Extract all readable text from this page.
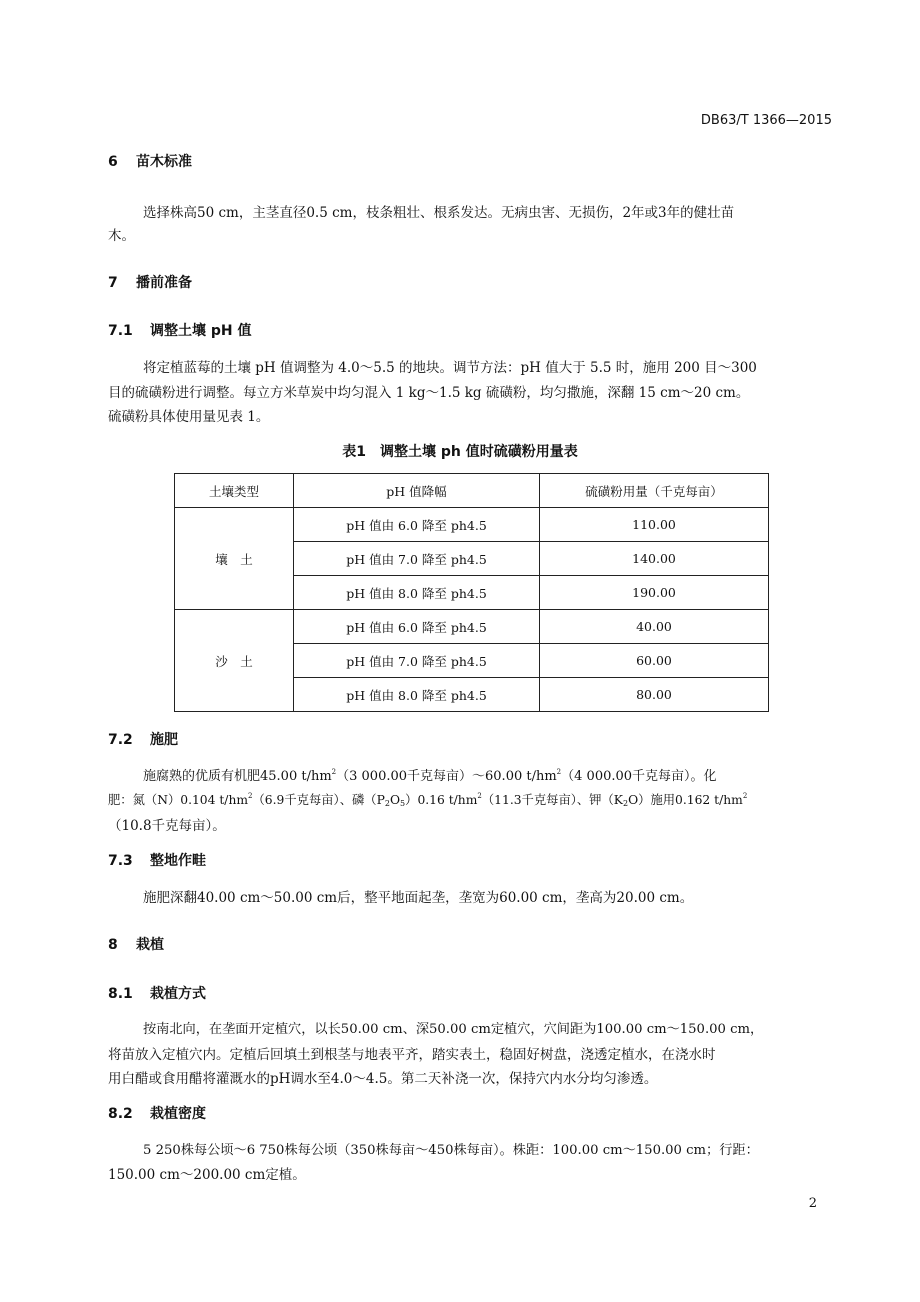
DB63/T 1366—2015
6 苗木标准
选择株高50 cm，主茎直径0.5 cm，枝条粗壮、根系发达。无病虫害、无损伤，2年或3年的健壮苗
木。
7 播前准备
7.1 调整土壤 pH 值
将定植蓝莓的土壤 pH 值调整为 4.0～5.5 的地块。调节方法：pH 值大于 5.5 时，施用 200 目～300
目的硫磺粉进行调整。每立方米草炭中均匀混入 1 kg～1.5 kg 硫磺粉，均匀撒施，深翻 15 cm～20 cm。
硫磺粉具体使用量见表 1。
表1　调整土壤 ph 值时硫磺粉用量表
土壤类型	pH 值降幅	硫磺粉用量（千克每亩）
壤　土	pH 值由 6.0 降至 ph4.5	110.00
	pH 值由 7.0 降至 ph4.5	140.00
	pH 值由 8.0 降至 ph4.5	190.00
沙　土	pH 值由 6.0 降至 ph4.5	40.00
	pH 值由 7.0 降至 ph4.5	60.00
	pH 值由 8.0 降至 ph4.5	80.00
7.2 施肥
施腐熟的优质有机肥45.00 $t/hm^2(3$ 000.00千克每亩）～60.00 $t/hm^2(4$ 000.00千克每亩）。化
肥：氮（N）0.104 $t/hm^2(6.9$千克每亩）、磷$(P_2O_5)0.16$ $t/hm^2(11.3$千克每亩）、钾$(K_2O)$施用0.162 $t/hm^2$
（10.8千克每亩）。
7.3 整地作畦
施肥深翻40.00 cm～50.00 cm后，整平地面起垄，垄宽为60.00 cm，垄高为20.00 cm。
8 栽植
8.1 栽植方式
按南北向，在垄面开定植穴，以长50.00 cm、深50.00 cm定植穴，穴间距为100.00 cm～150.00 cm，
将苗放入定植穴内。定植后回填土到根茎与地表平齐，踏实表土，稳固好树盘，浇透定植水，在浇水时
用白醋或食用醋将灌溉水的pH调水至4.0～4.5。第二天补浇一次，保持穴内水分均匀渗透。
8.2 栽植密度
5 250株每公顷～6 750株每公顷（350株每亩～450株每亩）。株距：100.00 cm～150.00 cm；行距：
150.00 cm～200.00 cm定植。
2
